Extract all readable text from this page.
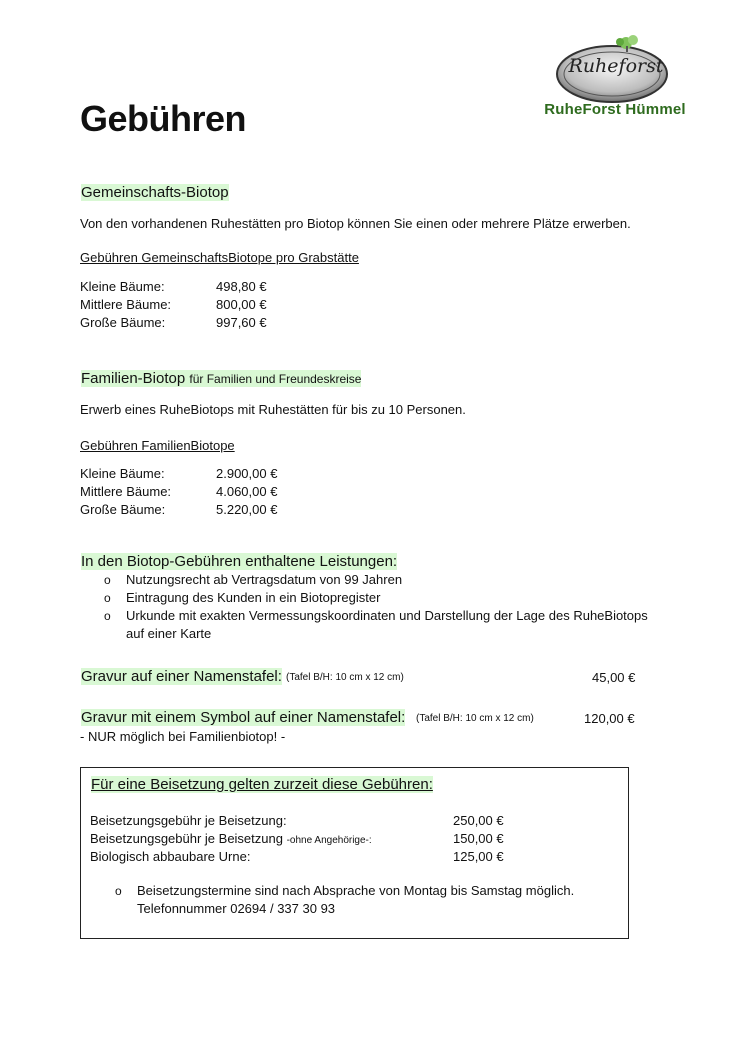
Ruheforst
RuheForst Hümmel
Gebühren
Gemeinschafts-Biotop
Von den vorhandenen Ruhestätten pro Biotop können Sie einen oder mehrere Plätze erwerben.
Gebühren GemeinschaftsBiotope pro Grabstätte
Kleine Bäume:	498,80 €
Mittlere Bäume:	800,00 €
Große Bäume:	997,60 €
Familien-Biotop für Familien und Freundeskreise
Erwerb eines RuheBiotops mit Ruhestätten für bis zu 10 Personen.
Gebühren FamilienBiotope
Kleine Bäume:	2.900,00 €
Mittlere Bäume:	4.060,00 €
Große Bäume:	5.220,00 €
In den Biotop-Gebühren enthaltene Leistungen:
o Nutzungsrecht ab Vertragsdatum von 99 Jahren
o Eintragung des Kunden in ein Biotopregister
o Urkunde mit exakten Vermessungskoordinaten und Darstellung der Lage des RuheBiotops auf einer Karte
Gravur auf einer Namenstafel: (Tafel B/H: 10 cm x 12 cm)	45,00 €
Gravur mit einem Symbol auf einer Namenstafel: (Tafel B/H: 10 cm x 12 cm)	120,00 €
- NUR möglich bei Familienbiotop! -
Für eine Beisetzung gelten zurzeit diese Gebühren:
Beisetzungsgebühr je Beisetzung:	250,00 €
Beisetzungsgebühr je Beisetzung -ohne Angehörige-:	150,00 €
Biologisch abbaubare Urne:	125,00 €
o Beisetzungstermine sind nach Absprache von Montag bis Samstag möglich.
Telefonnummer 02694 / 337 30 93
